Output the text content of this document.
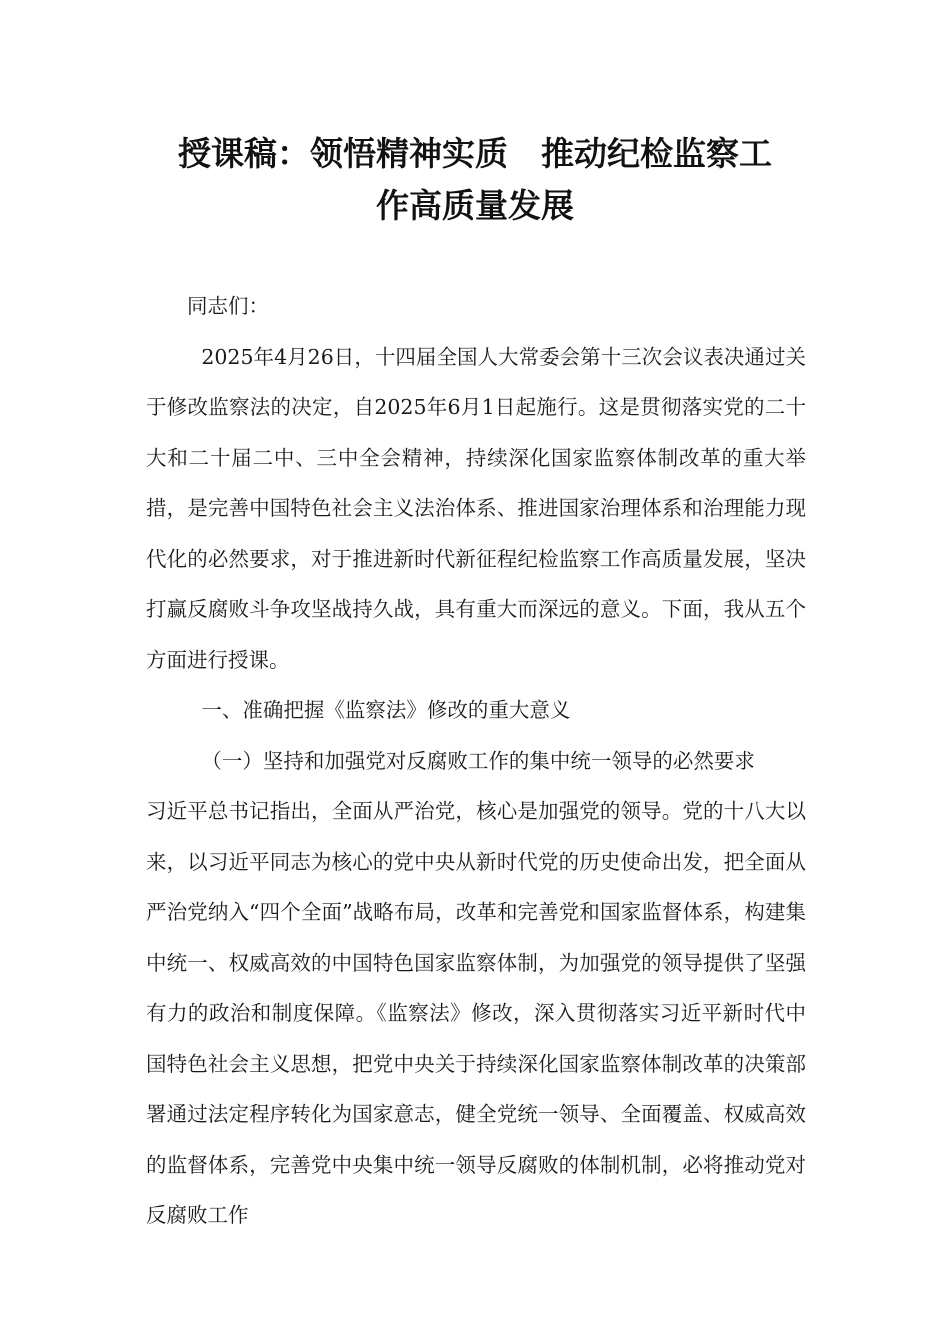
授课稿：领悟精神实质　推动纪检监察工
作高质量发展

同志们：

2025年4月26日，十四届全国人大常委会第十三次会议表决通过关于修改监察法的决定，自2025年6月1日起施行。这是贯彻落实党的二十大和二十届二中、三中全会精神，持续深化国家监察体制改革的重大举措，是完善中国特色社会主义法治体系、推进国家治理体系和治理能力现代化的必然要求，对于推进新时代新征程纪检监察工作高质量发展，坚决打赢反腐败斗争攻坚战持久战，具有重大而深远的意义。下面，我从五个方面进行授课。

一、准确把握《监察法》修改的重大意义

（一）坚持和加强党对反腐败工作的集中统一领导的必然要求

习近平总书记指出，全面从严治党，核心是加强党的领导。党的十八大以来，以习近平同志为核心的党中央从新时代党的历史使命出发，把全面从严治党纳入“四个全面”战略布局，改革和完善党和国家监督体系，构建集中统一、权威高效的中国特色国家监察体制，为加强党的领导提供了坚强有力的政治和制度保障。《监察法》修改，深入贯彻落实习近平新时代中国特色社会主义思想，把党中央关于持续深化国家监察体制改革的决策部署通过法定程序转化为国家意志，健全党统一领导、全面覆盖、权威高效的监督体系，完善党中央集中统一领导反腐败的体制机制，必将推动党对反腐败工作
